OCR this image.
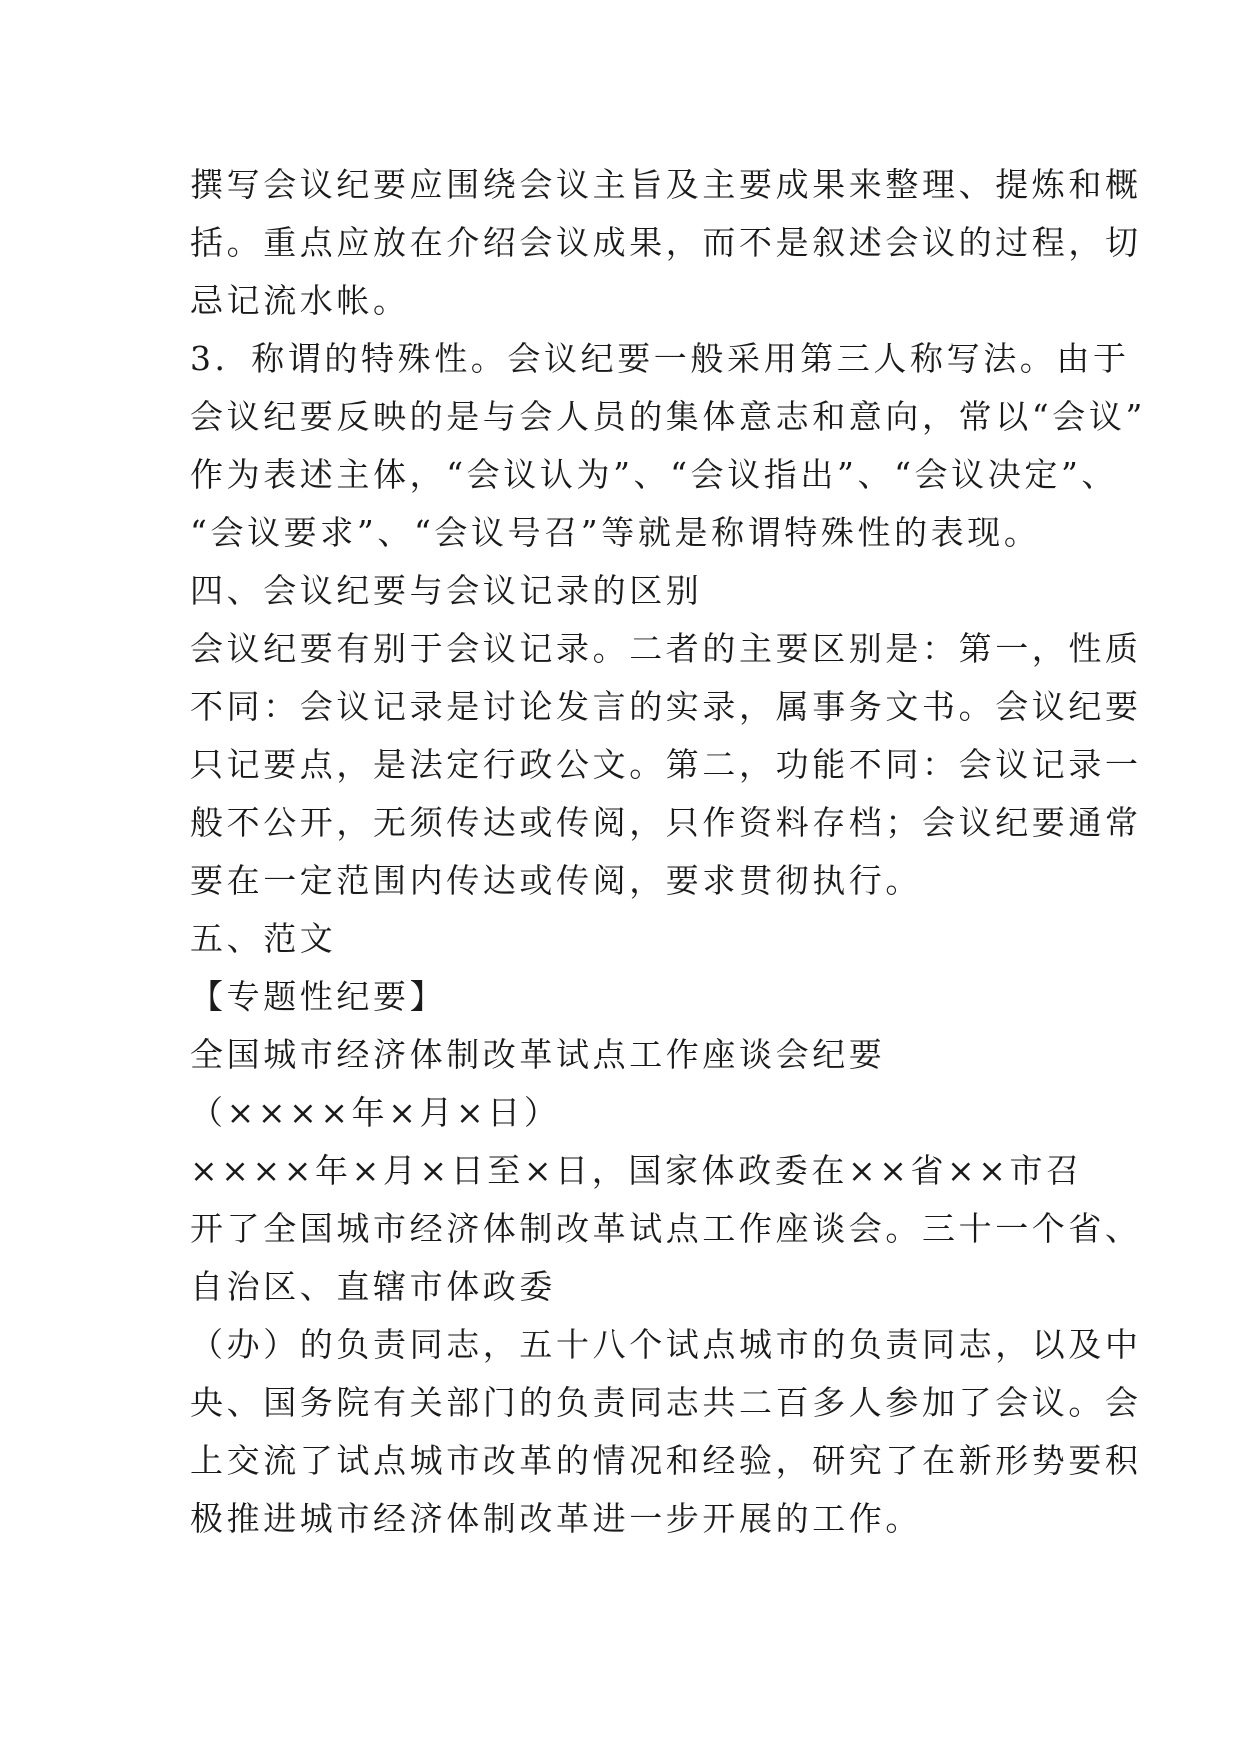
撰写会议纪要应围绕会议主旨及主要成果来整理、提炼和概
括。重点应放在介绍会议成果，而不是叙述会议的过程，切
忌记流水帐。
3．称谓的特殊性。会议纪要一般采用第三人称写法。由于
会议纪要反映的是与会人员的集体意志和意向，常以“会议”
作为表述主体，“会议认为”、“会议指出”、“会议决定”、
“会议要求”、“会议号召”等就是称谓特殊性的表现。
四、会议纪要与会议记录的区别
会议纪要有别于会议记录。二者的主要区别是：第一，性质
不同：会议记录是讨论发言的实录，属事务文书。会议纪要
只记要点，是法定行政公文。第二，功能不同：会议记录一
般不公开，无须传达或传阅，只作资料存档；会议纪要通常
要在一定范围内传达或传阅，要求贯彻执行。
五、范文
【专题性纪要】
全国城市经济体制改革试点工作座谈会纪要
（××××年×月×日）
××××年×月×日至×日，国家体政委在××省××市召
开了全国城市经济体制改革试点工作座谈会。三十一个省、
自治区、直辖市体政委
（办）的负责同志，五十八个试点城市的负责同志，以及中
央、国务院有关部门的负责同志共二百多人参加了会议。会
上交流了试点城市改革的情况和经验，研究了在新形势要积
极推进城市经济体制改革进一步开展的工作。
